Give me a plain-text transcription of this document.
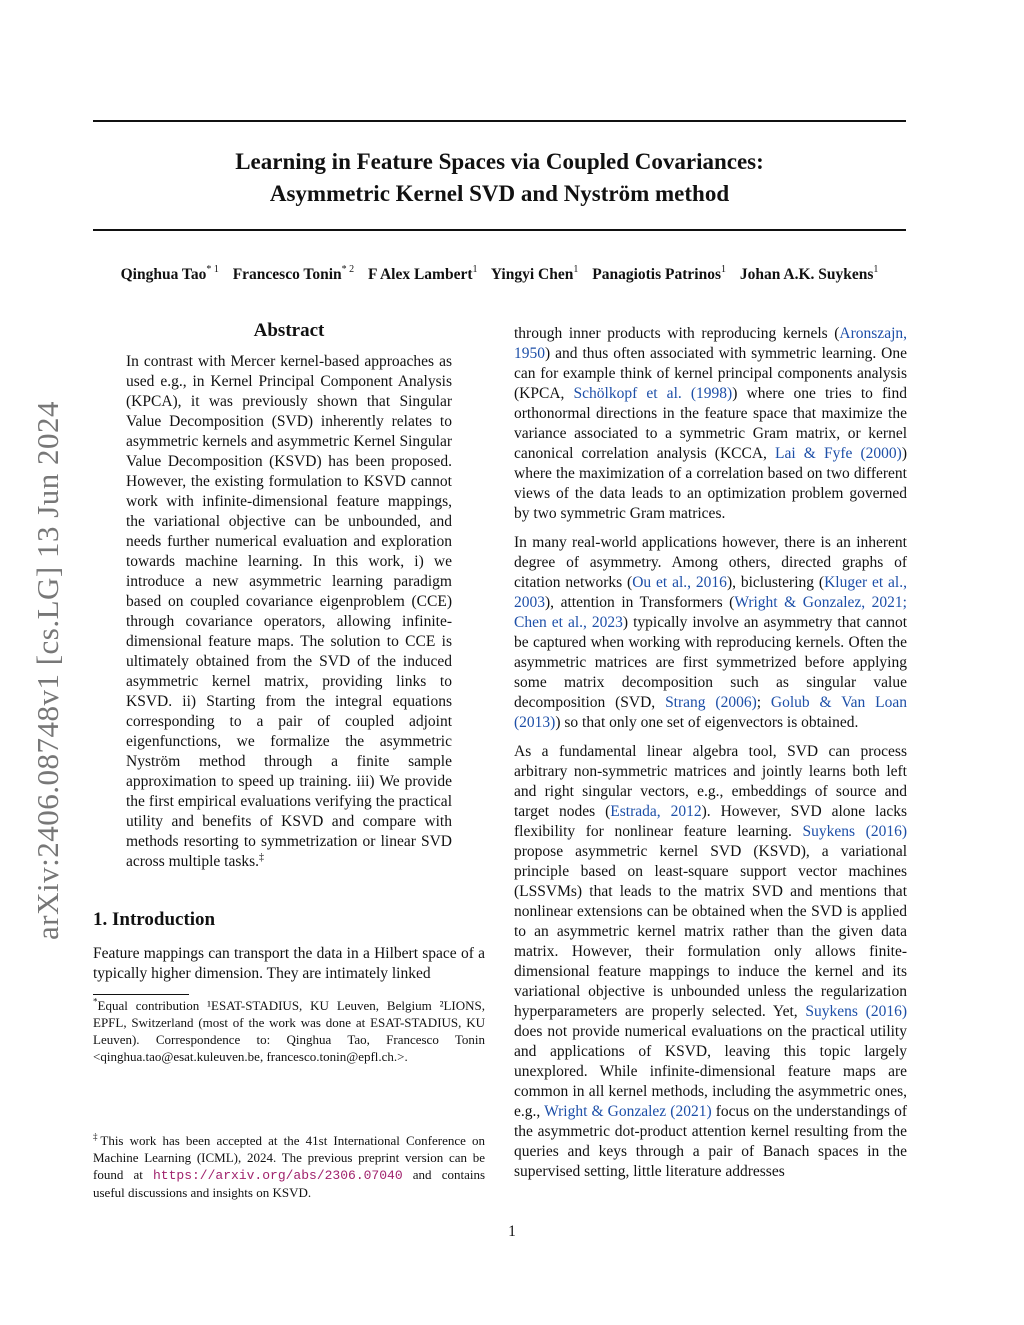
arXiv:2406.08748v1 [cs.LG] 13 Jun 2024
Learning in Feature Spaces via Coupled Covariances:
Asymmetric Kernel SVD and Nyström method
Qinghua Tao$^{* 1}$ Francesco Tonin$^{* 2}$ F Alex Lambert$^1$ Yingyi Chen$^1$ Panagiotis Patrinos$^1$ Johan A.K. Suykens$^1$
Abstract
In contrast with Mercer kernel-based approaches as used e.g., in Kernel Principal Component Analysis (KPCA), it was previously shown that Singular Value Decomposition (SVD) inherently relates to asymmetric kernels and asymmetric Kernel Singular Value Decomposition (KSVD) has been proposed. However, the existing formulation to KSVD cannot work with infinite-dimensional feature mappings, the variational objective can be unbounded, and needs further numerical evaluation and exploration towards machine learning. In this work, i) we introduce a new asymmetric learning paradigm based on coupled covariance eigenproblem (CCE) through covariance operators, allowing infinite-dimensional feature maps. The solution to CCE is ultimately obtained from the SVD of the induced asymmetric kernel matrix, providing links to KSVD. ii) Starting from the integral equations corresponding to a pair of coupled adjoint eigenfunctions, we formalize the asymmetric Nyström method through a finite sample approximation to speed up training. iii) We provide the first empirical evaluations verifying the practical utility and benefits of KSVD and compare with methods resorting to symmetrization or linear SVD across multiple tasks.‡
1. Introduction
Feature mappings can transport the data in a Hilbert space of a typically higher dimension. They are intimately linked
*Equal contribution ¹ESAT-STADIUS, KU Leuven, Belgium ²LIONS, EPFL, Switzerland (most of the work was done at ESAT-STADIUS, KU Leuven). Correspondence to: Qinghua Tao, Francesco Tonin <qinghua.tao@esat.kuleuven.be, francesco.tonin@epfl.ch.>.
‡This work has been accepted at the 41st International Conference on Machine Learning (ICML), 2024. The previous preprint version can be found at https://arxiv.org/abs/2306.07040 and contains useful discussions and insights on KSVD.

through inner products with reproducing kernels (Aronszajn, 1950) and thus often associated with symmetric learning. One can for example think of kernel principal components analysis (KPCA, Schölkopf et al. (1998)) where one tries to find orthonormal directions in the feature space that maximize the variance associated to a symmetric Gram matrix, or kernel canonical correlation analysis (KCCA, Lai & Fyfe (2000)) where the maximization of a correlation based on two different views of the data leads to an optimization problem governed by two symmetric Gram matrices.

In many real-world applications however, there is an inherent degree of asymmetry. Among others, directed graphs of citation networks (Ou et al., 2016), biclustering (Kluger et al., 2003), attention in Transformers (Wright & Gonzalez, 2021; Chen et al., 2023) typically involve an asymmetry that cannot be captured when working with reproducing kernels. Often the asymmetric matrices are first symmetrized before applying some matrix decomposition such as singular value decomposition (SVD, Strang (2006); Golub & Van Loan (2013)) so that only one set of eigenvectors is obtained.

As a fundamental linear algebra tool, SVD can process arbitrary non-symmetric matrices and jointly learns both left and right singular vectors, e.g., embeddings of source and target nodes (Estrada, 2012). However, SVD alone lacks flexibility for nonlinear feature learning. Suykens (2016) propose asymmetric kernel SVD (KSVD), a variational principle based on least-square support vector machines (LSSVMs) that leads to the matrix SVD and mentions that nonlinear extensions can be obtained when the SVD is applied to an asymmetric kernel matrix rather than the given data matrix. However, their formulation only allows finite-dimensional feature mappings to induce the kernel and its variational objective is unbounded unless the regularization hyperparameters are properly selected. Yet, Suykens (2016) does not provide numerical evaluations on the practical utility and applications of KSVD, leaving this topic largely unexplored. While infinite-dimensional feature maps are common in all kernel methods, including the asymmetric ones, e.g., Wright & Gonzalez (2021) focus on the understandings of the asymmetric dot-product attention kernel resulting from the queries and keys through a pair of Banach spaces in the supervised setting, little literature addresses

1
